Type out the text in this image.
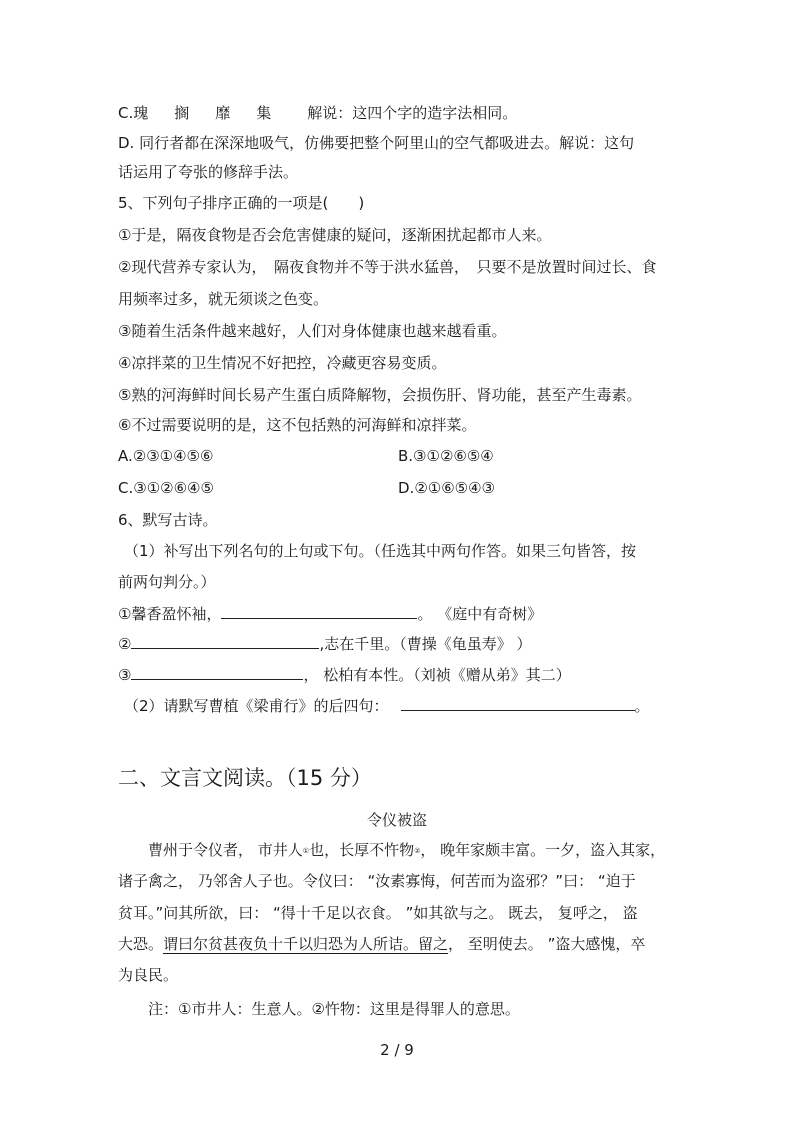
C.瑰 搁 靡 集 解说：这四个字的造字法相同。
D. 同行者都在深深地吸气，仿佛要把整个阿里山的空气都吸进去。解说：这句
话运用了夸张的修辞手法。
5、下列句子排序正确的一项是(　　)
①于是，隔夜食物是否会危害健康的疑问，逐渐困扰起都市人来。
②现代营养专家认为，　隔夜食物并不等于洪水猛兽，　只要不是放置时间过长、食
用频率过多，就无须谈之色变。
③随着生活条件越来越好，人们对身体健康也越来越看重。
④凉拌菜的卫生情况不好把控，冷藏更容易变质。
⑤熟的河海鲜时间长易产生蛋白质降解物，会损伤肝、肾功能，甚至产生毒素。
⑥不过需要说明的是，这不包括熟的河海鲜和凉拌菜。
A.②③①④⑤⑥	B.③①②⑥⑤④
C.③①②⑥④⑤	D.②①⑥⑤④③
6、默写古诗。
（1）补写出下列名句的上句或下句。（任选其中两句作答。如果三句皆答，按
前两句判分。）
①馨香盈怀袖，	。 《庭中有奇树》
②	,志在千里。（曹操《龟虽寿》 ）
③	， 松柏有本性。（刘祯《赠从弟》其二）
（2）请默写曹植《梁甫行》的后四句：	。
二、文言文阅读。（15 分）
令仪被盗
曹州于令仪者， 市井人①也，长厚不忤物②， 晚年家颇丰富。一夕，盗入其家，
诸子禽之， 乃邻舍人子也。令仪曰： “汝素寡悔，何苦而为盗邪？”曰： “迫于
贫耳。”问其所欲，曰： “得十千足以衣食。 ”如其欲与之。 既去， 复呼之， 盗
大恐。谓曰尔贫甚夜负十千以归恐为人所诘。留之， 至明使去。 ”盗大感愧，卒
为良民。
注：①市井人：生意人。②忤物：这里是得罪人的意思。
2 / 9
